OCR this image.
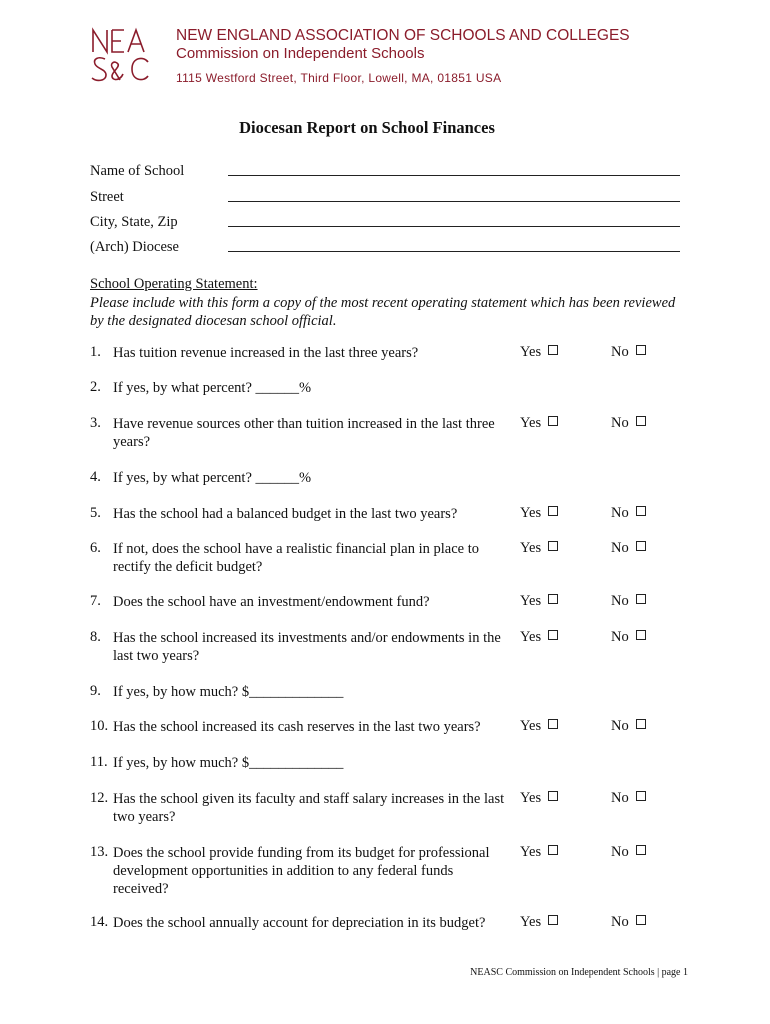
NEW ENGLAND ASSOCIATION OF SCHOOLS AND COLLEGES
Commission on Independent Schools
1115 Westford Street, Third Floor, Lowell, MA, 01851 USA
Diocesan Report on School Finances
Name of School
Street
City, State, Zip
(Arch) Diocese
School Operating Statement:
Please include with this form a copy of the most recent operating statement which has been reviewed by the designated diocesan school official.
1. Has tuition revenue increased in the last three years?	Yes	No
2. If yes, by what percent? ______%
3. Have revenue sources other than tuition increased in the last three years?
Yes	No
4. If yes, by what percent? ______%
5. Has the school had a balanced budget in the last two years?	Yes	No
6. If not, does the school have a realistic financial plan in place to rectify the deficit budget?
Yes	No
7. Does the school have an investment/endowment fund?	Yes	No
8. Has the school increased its investments and/or endowments in the last two years?
Yes	No
9. If yes, by how much? $_____________
10. Has the school increased its cash reserves in the last two years?	Yes	No
11. If yes, by how much? $_____________
12. Has the school given its faculty and staff salary increases in the last two years?
Yes	No
13. Does the school provide funding from its budget for professional development opportunities in addition to any federal funds received?
Yes	No
14. Does the school annually account for depreciation in its budget?	Yes	No
NEASC Commission on Independent Schools | page 1
